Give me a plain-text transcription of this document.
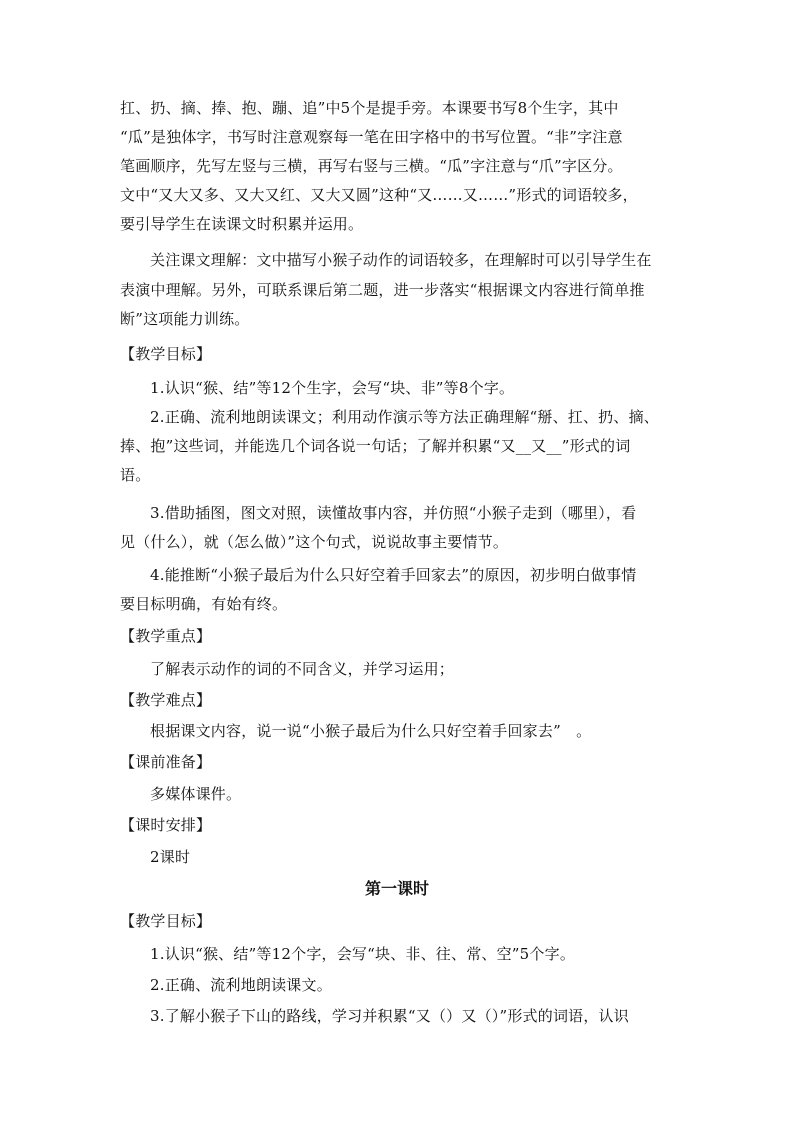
扛、扔、摘、捧、抱、蹦、追”中5个是提手旁。本课要书写8个生字，其中
“瓜”是独体字，书写时注意观察每一笔在田字格中的书写位置。“非”字注意
笔画顺序，先写左竖与三横，再写右竖与三横。“瓜”字注意与“爪”字区分。
文中“又大又多、又大又红、又大又圆”这种“又……又……”形式的词语较多，
要引导学生在读课文时积累并运用。
关注课文理解：文中描写小猴子动作的词语较多，在理解时可以引导学生在
表演中理解。另外，可联系课后第二题，进一步落实“根据课文内容进行简单推
断”这项能力训练。
【教学目标】
1.认识“猴、结”等12个生字，会写“块、非”等8个字。
2.正确、流利地朗读课文；利用动作演示等方法正确理解“掰、扛、扔、摘、
捧、抱”这些词，并能选几个词各说一句话；了解并积累“又__又__”形式的词
语。
3.借助插图，图文对照，读懂故事内容，并仿照“小猴子走到（哪里），看
见（什么），就（怎么做）”这个句式，说说故事主要情节。
4.能推断“小猴子最后为什么只好空着手回家去”的原因，初步明白做事情
要目标明确，有始有终。
【教学重点】
了解表示动作的词的不同含义，并学习运用；
【教学难点】
根据课文内容，说一说“小猴子最后为什么只好空着手回家去”　。
【课前准备】
多媒体课件。
【课时安排】
2课时
第一课时
【教学目标】
1.认识“猴、结”等12个字，会写“块、非、往、常、空”5个字。
2.正确、流利地朗读课文。
3.了解小猴子下山的路线，学习并积累“又（）又（）”形式的词语，认识
